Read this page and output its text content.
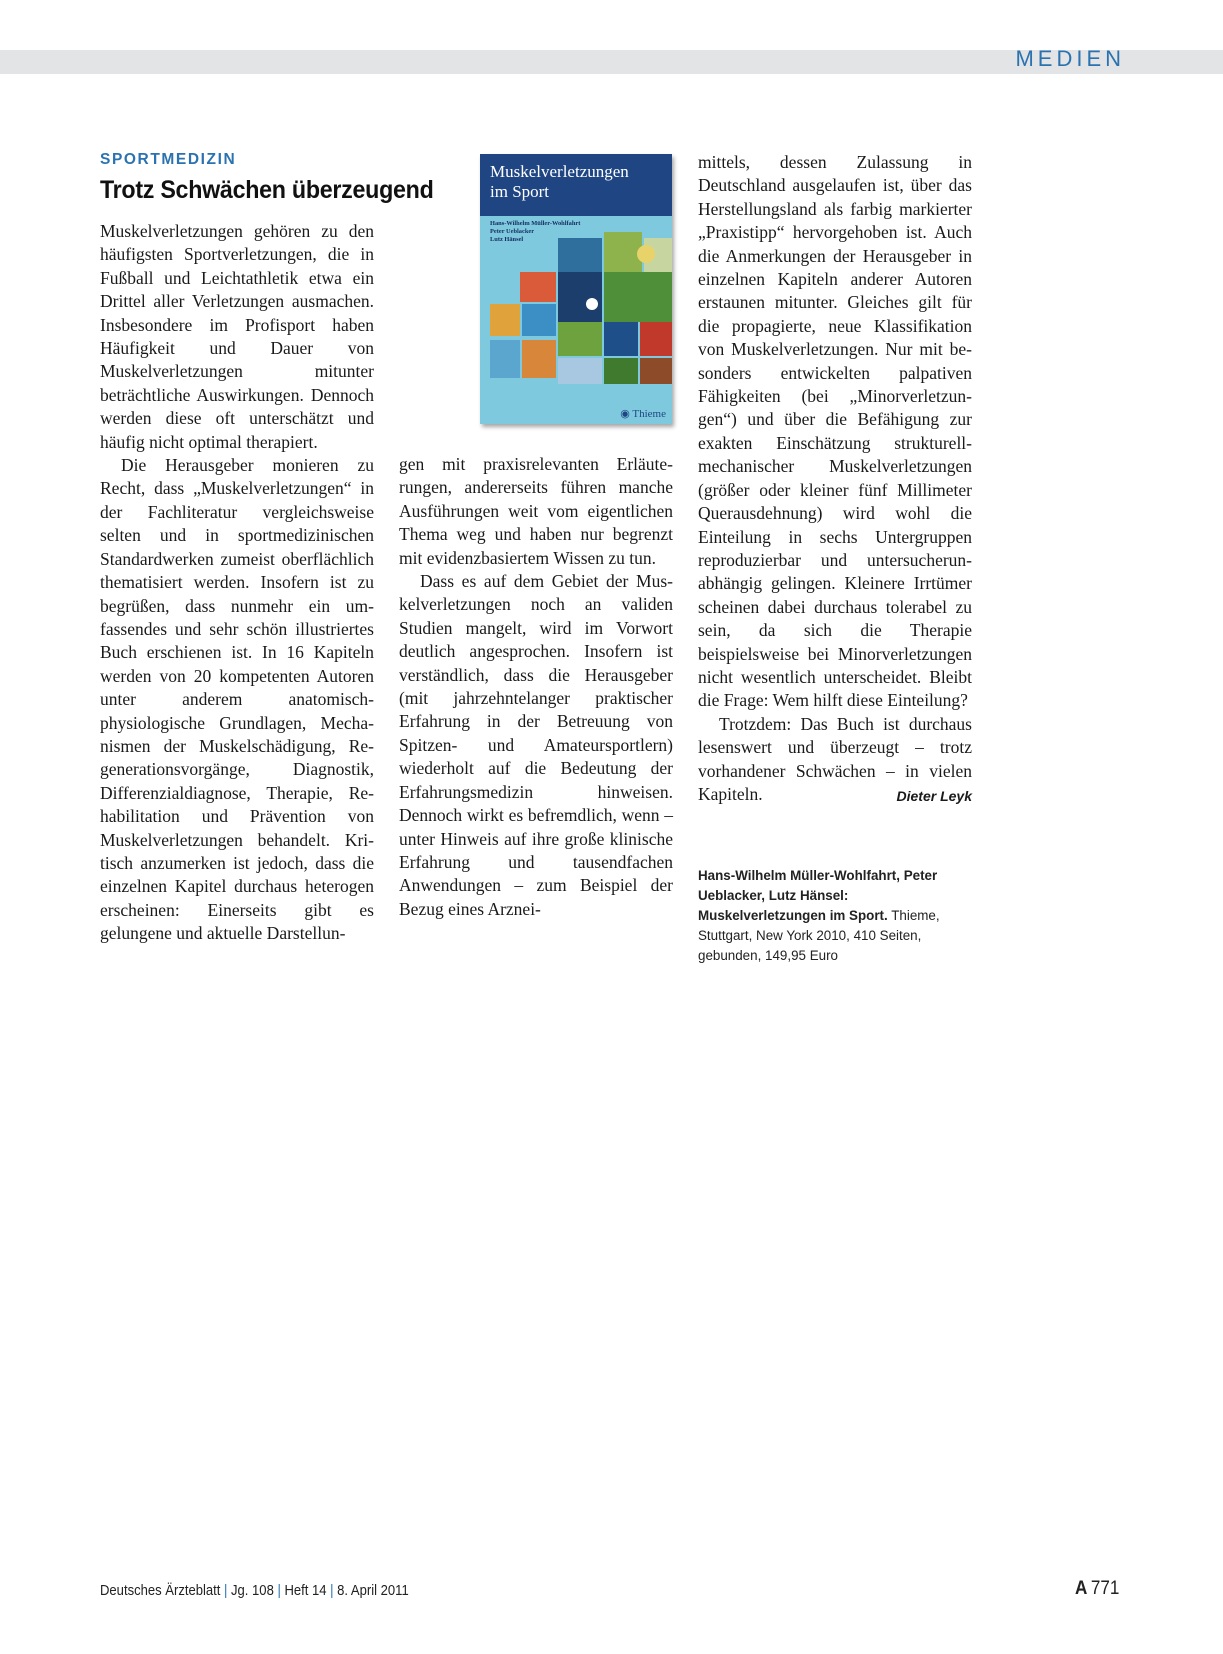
MEDIEN
SPORTMEDIZIN
Trotz Schwächen überzeugend

Muskelverletzungen gehören zu den häufigsten Sportverletzungen, die in Fußball und Leichtathletik etwa ein Drittel aller Verletzungen ausmachen. Insbesondere im Profisport haben Häufigkeit und Dauer von Muskelverletzungen mitunter beträchtliche Auswirkungen. Dennoch werden diese oft unterschätzt und häufig nicht optimal therapiert.

Die Herausgeber monieren zu Recht, dass „Muskelverletzungen“ in der Fachliteratur vergleichsweise selten und in sportmedizinischen Standardwerken zumeist oberflächlich thematisiert werden. Insofern ist zu begrüßen, dass nunmehr ein umfassendes und sehr schön illustriertes Buch erschienen ist. In 16 Kapiteln werden von 20 kompetenten Autoren unter anderem anatomisch-physiologische Grundlagen, Mechanismen der Muskelschädigung, Regenerationsvorgänge, Diagnostik, Differenzialdiagnose, Therapie, Rehabilitation und Prävention von Muskelverletzungen behandelt. Kritisch anzumerken ist jedoch, dass die einzelnen Kapitel durchaus heterogen erscheinen: Einerseits gibt es gelungene und aktuelle Darstellun-

Muskelverletzungen
im Sport
Hans-Wilhelm Müller-Wohlfahrt
Peter Ueblacker
Lutz Hänsel
◉ Thieme

gen mit praxisrelevanten Erläuterungen, andererseits führen manche Ausführungen weit vom eigentlichen Thema weg und haben nur begrenzt mit evidenzbasiertem Wissen zu tun.

Dass es auf dem Gebiet der Muskelverletzungen noch an validen Studien mangelt, wird im Vorwort deutlich angesprochen. Insofern ist verständlich, dass die Herausgeber (mit jahrzehntelanger praktischer Erfahrung in der Betreuung von Spitzen- und Amateursportlern) wiederholt auf die Bedeutung der Erfahrungsmedizin hinweisen. Dennoch wirkt es befremdlich, wenn – unter Hinweis auf ihre große klinische Erfahrung und tausendfachen Anwendungen – zum Beispiel der Bezug eines Arznei-

mittels, dessen Zulassung in Deutschland ausgelaufen ist, über das Herstellungsland als farbig markierter „Praxistipp“ hervorgehoben ist. Auch die Anmerkungen der Herausgeber in einzelnen Kapiteln anderer Autoren erstaunen mitunter. Gleiches gilt für die propagierte, neue Klassifikation von Muskelverletzungen. Nur mit besonders entwickelten palpativen Fähigkeiten (bei „Minorverletzungen“) und über die Befähigung zur exakten Einschätzung strukturell-mechanischer Muskelverletzungen (größer oder kleiner fünf Millimeter Querausdehnung) wird wohl die Einteilung in sechs Untergruppen reproduzierbar und untersucherunabhängig gelingen. Kleinere Irrtümer scheinen dabei durchaus tolerabel zu sein, da sich die Therapie beispielsweise bei Minorverletzungen nicht wesentlich unterscheidet. Bleibt die Frage: Wem hilft diese Einteilung?

Trotzdem: Das Buch ist durchaus lesenswert und überzeugt – trotz vorhandener Schwächen – in vielen Kapiteln.	Dieter Leyk

Hans-Wilhelm Müller-Wohlfahrt, Peter Ueblacker, Lutz Hänsel: Muskelverletzungen im Sport. Thieme, Stuttgart, New York 2010, 410 Seiten, gebunden, 149,95 Euro
Deutsches Ärzteblatt | Jg. 108 | Heft 14 | 8. April 2011	A 771
